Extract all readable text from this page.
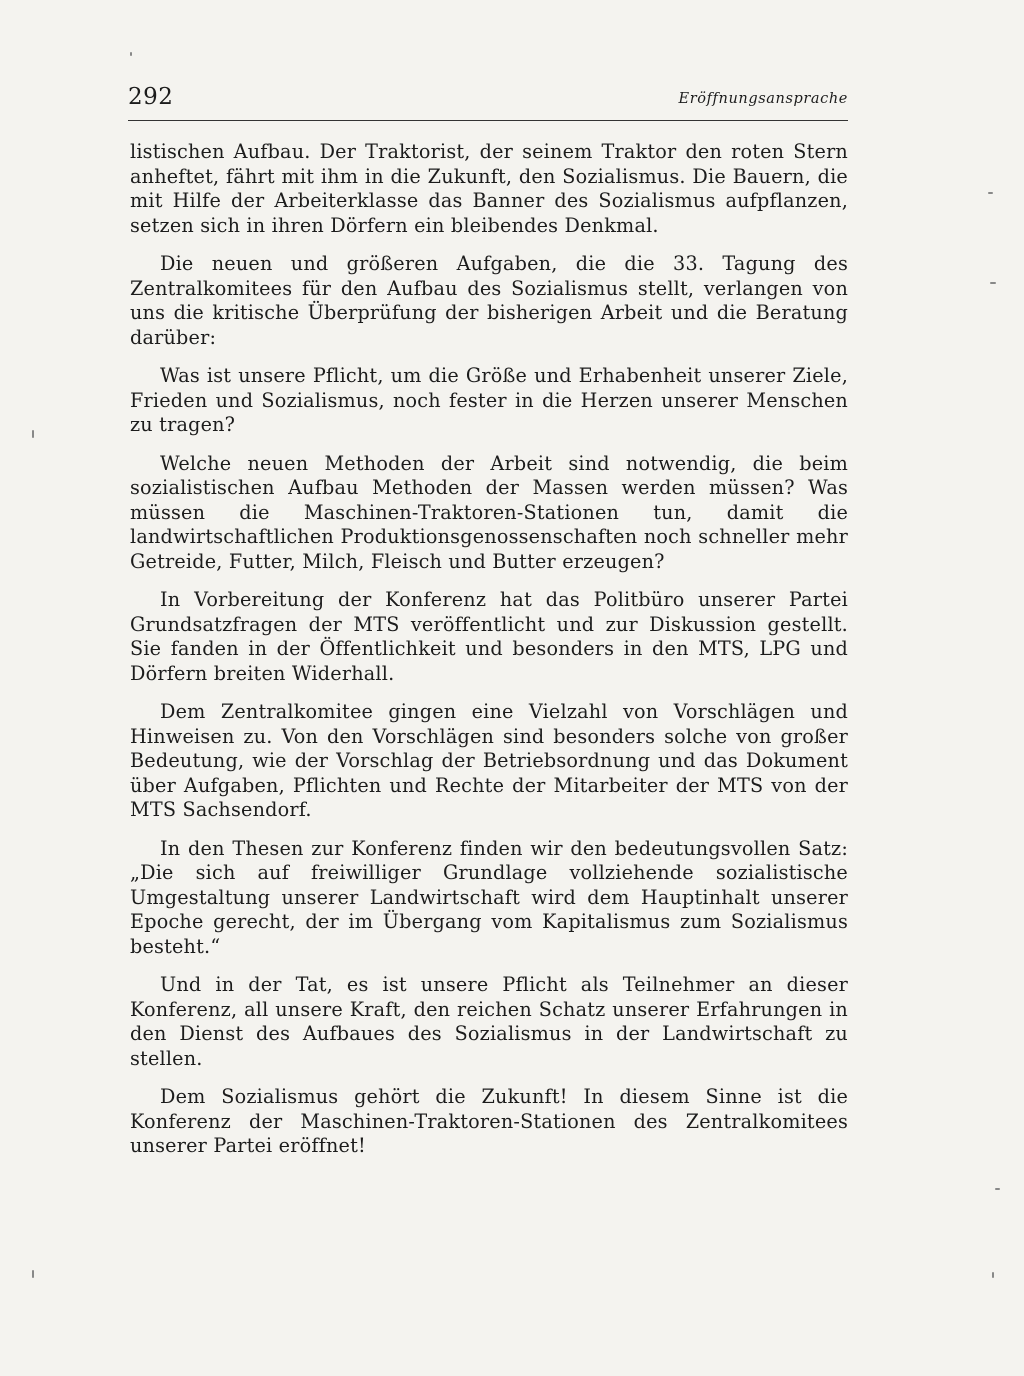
292	Eröffnungsansprache

listischen Aufbau. Der Traktorist, der seinem Traktor den roten Stern anheftet, fährt mit ihm in die Zukunft, den Sozialismus. Die Bauern, die mit Hilfe der Arbeiterklasse das Banner des Sozialismus aufpflanzen, setzen sich in ihren Dörfern ein bleibendes Denkmal.

Die neuen und größeren Aufgaben, die die 33. Tagung des Zentralkomitees für den Aufbau des Sozialismus stellt, verlangen von uns die kritische Überprüfung der bisherigen Arbeit und die Beratung darüber:

Was ist unsere Pflicht, um die Größe und Erhabenheit unserer Ziele, Frieden und Sozialismus, noch fester in die Herzen unserer Menschen zu tragen?

Welche neuen Methoden der Arbeit sind notwendig, die beim sozialistischen Aufbau Methoden der Massen werden müssen? Was müssen die Maschinen-Traktoren-Stationen tun, damit die landwirtschaftlichen Produktionsgenossenschaften noch schneller mehr Getreide, Futter, Milch, Fleisch und Butter erzeugen?

In Vorbereitung der Konferenz hat das Politbüro unserer Partei Grundsatzfragen der MTS veröffentlicht und zur Diskussion gestellt. Sie fanden in der Öffentlichkeit und besonders in den MTS, LPG und Dörfern breiten Widerhall.

Dem Zentralkomitee gingen eine Vielzahl von Vorschlägen und Hinweisen zu. Von den Vorschlägen sind besonders solche von großer Bedeutung, wie der Vorschlag der Betriebsordnung und das Dokument über Aufgaben, Pflichten und Rechte der Mitarbeiter der MTS von der MTS Sachsendorf.

In den Thesen zur Konferenz finden wir den bedeutungsvollen Satz: „Die sich auf freiwilliger Grundlage vollziehende sozialistische Umgestaltung unserer Landwirtschaft wird dem Hauptinhalt unserer Epoche gerecht, der im Übergang vom Kapitalismus zum Sozialismus besteht.“

Und in der Tat, es ist unsere Pflicht als Teilnehmer an dieser Konferenz, all unsere Kraft, den reichen Schatz unserer Erfahrungen in den Dienst des Aufbaues des Sozialismus in der Landwirtschaft zu stellen.

Dem Sozialismus gehört die Zukunft! In diesem Sinne ist die Konferenz der Maschinen-Traktoren-Stationen des Zentralkomitees unserer Partei eröffnet!
